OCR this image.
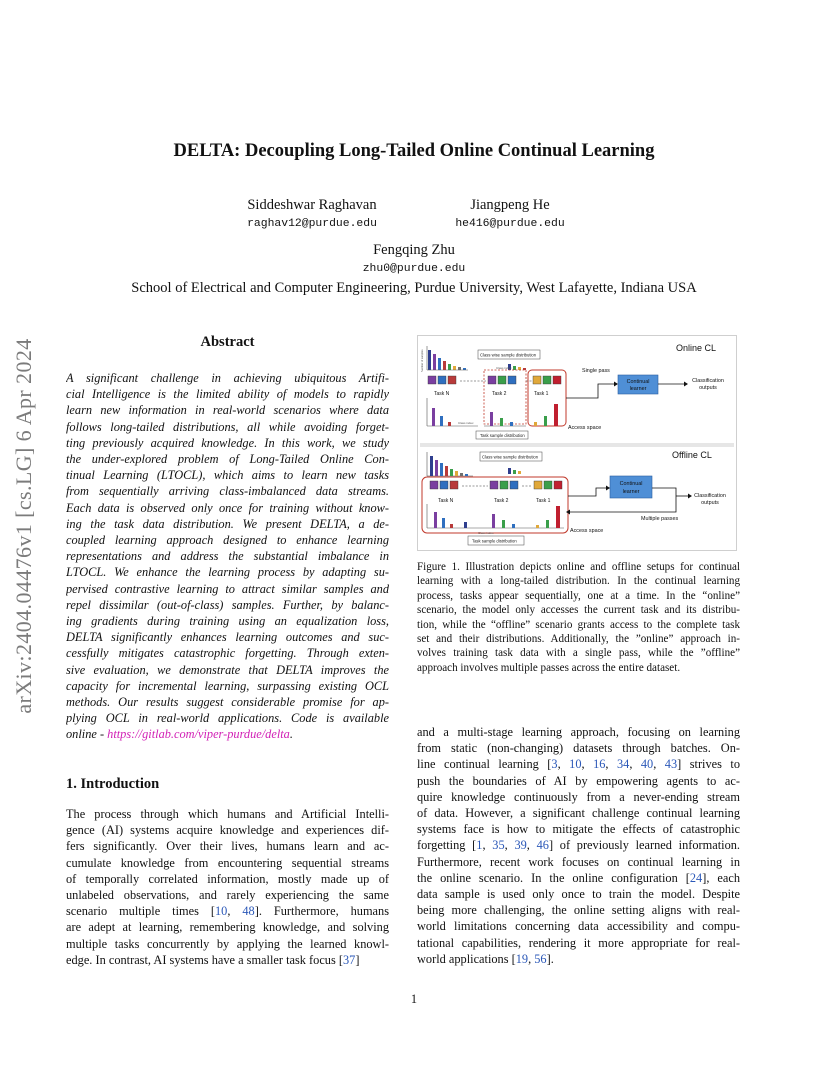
arXiv:2404.04476v1 [cs.LG] 6 Apr 2024
DELTA: Decoupling Long-Tailed Online Continual Learning
Siddeshwar Raghavan
raghav12@purdue.edu
Jiangpeng He
he416@purdue.edu
Fengqing Zhu
zhu0@purdue.edu
School of Electrical and Computer Engineering, Purdue University, West Lafayette, Indiana USA
Abstract
A significant challenge in achieving ubiquitous Artifi-
cial Intelligence is the limited ability of models to rapidly
learn new information in real-world scenarios where data
follows long-tailed distributions, all while avoiding forget-
ting previously acquired knowledge. In this work, we study
the under-explored problem of Long-Tailed Online Con-
tinual Learning (LTOCL), which aims to learn new tasks
from sequentially arriving class-imbalanced data streams.
Each data is observed only once for training without know-
ing the task data distribution. We present DELTA, a de-
coupled learning approach designed to enhance learning
representations and address the substantial imbalance in
LTOCL. We enhance the learning process by adapting su-
pervised contrastive learning to attract similar samples and
repel dissimilar (out-of-class) samples. Further, by balanc-
ing gradients during training using an equalization loss,
DELTA significantly enhances learning outcomes and suc-
cessfully mitigates catastrophic forgetting. Through exten-
sive evaluation, we demonstrate that DELTA improves the
capacity for incremental learning, surpassing existing OCL
methods. Our results suggest considerable promise for ap-
plying OCL in real-world applications. Code is available
online - https://gitlab.com/viper-purdue/delta.
1. Introduction
The process through which humans and Artificial Intelli-
gence (AI) systems acquire knowledge and experiences dif-
fers significantly. Over their lives, humans learn and ac-
cumulate knowledge from encountering sequential streams
of temporally correlated information, mostly made up of
unlabeled observations, and rarely experiencing the same
scenario multiple times [10, 48]. Furthermore, humans
are adept at learning, remembering knowledge, and solving
multiple tasks concurrently by applying the learned knowl-
edge. In contrast, AI systems have a smaller task focus [37]
Online CL
Number of samples	Class wise sample distribution
Class index
Task N	Task 2	Task 1
Class index
Task sample distribution
Access space
Single pass
Continual
learner
Classification
outputs
Offline CL
Class wise sample distribution
Task N	Task 2	Task 1
Class index
Task sample distribution
Access space
Continual
learner
Multiple passes
Classification
outputs
Figure 1. Illustration depicts online and offline setups for continual
learning with a long-tailed distribution. In the continual learning
process, tasks appear sequentially, one at a time. In the “online”
scenario, the model only accesses the current task and its distribu-
tion, while the “offline” scenario grants access to the complete task
set and their distributions. Additionally, the ”online” approach in-
volves training task data with a single pass, while the ”offline”
approach involves multiple passes across the entire dataset.
and a multi-stage learning approach, focusing on learning
from static (non-changing) datasets through batches. On-
line continual learning [3, 10, 16, 34, 40, 43] strives to
push the boundaries of AI by empowering agents to ac-
quire knowledge continuously from a never-ending stream
of data. However, a significant challenge continual learning
systems face is how to mitigate the effects of catastrophic
forgetting [1, 35, 39, 46] of previously learned information.
Furthermore, recent work focuses on continual learning in
the online scenario. In the online configuration [24], each
data sample is used only once to train the model. Despite
being more challenging, the online setting aligns with real-
world limitations concerning data accessibility and compu-
tational capabilities, rendering it more appropriate for real-
world applications [19, 56].
1
